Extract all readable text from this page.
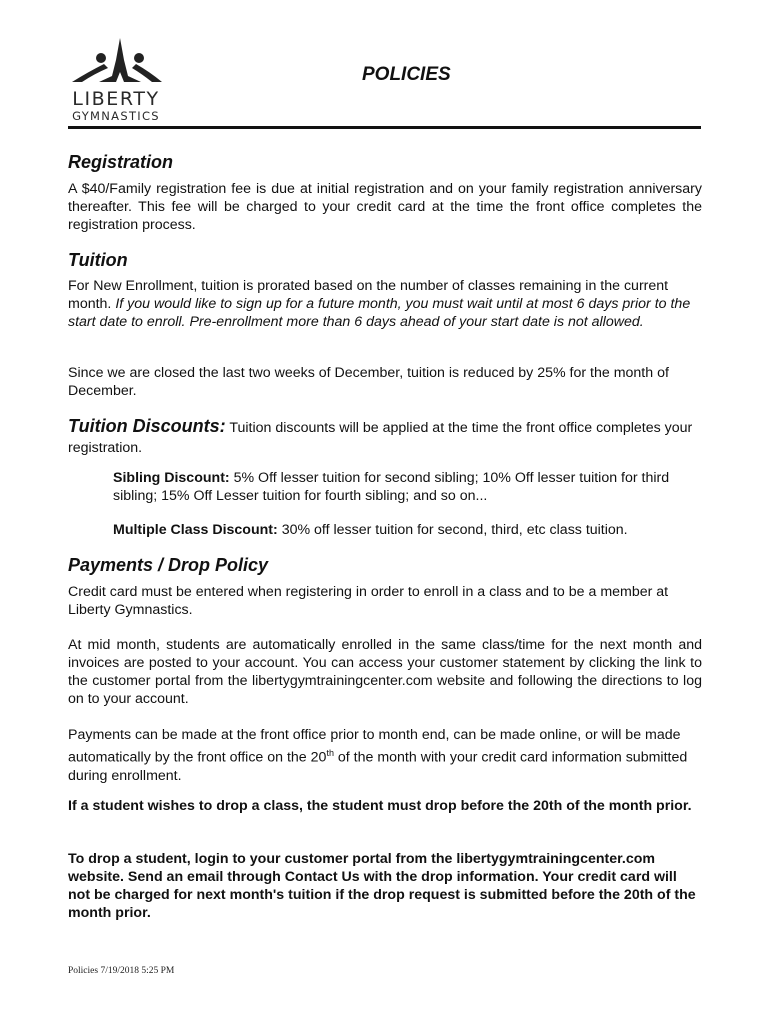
LIBERTY
GYMNASTICS
POLICIES
Registration

A $40/Family registration fee is due at initial registration and on your family registration anniversary thereafter. This fee will be charged to your credit card at the time the front office completes the registration process.

Tuition

For New Enrollment, tuition is prorated based on the number of classes remaining in the current month. If you would like to sign up for a future month, you must wait until at most 6 days prior to the start date to enroll. Pre-enrollment more than 6 days ahead of your start date is not allowed.

Since we are closed the last two weeks of December, tuition is reduced by 25% for the month of December.

Tuition Discounts: Tuition discounts will be applied at the time the front office completes your registration.

Sibling Discount: 5% Off lesser tuition for second sibling; 10% Off lesser tuition for third sibling; 15% Off Lesser tuition for fourth sibling; and so on...

Multiple Class Discount: 30% off lesser tuition for second, third, etc class tuition.

Payments / Drop Policy

Credit card must be entered when registering in order to enroll in a class and to be a member at Liberty Gymnastics.

At mid month, students are automatically enrolled in the same class/time for the next month and invoices are posted to your account. You can access your customer statement by clicking the link to the customer portal from the libertygymtrainingcenter.com website and following the directions to log on to your account.

Payments can be made at the front office prior to month end, can be made online, or will be made automatically by the front office on the 20th of the month with your credit card information submitted during enrollment.

If a student wishes to drop a class, the student must drop before the 20th of the month prior.

To drop a student, login to your customer portal from the libertygymtrainingcenter.com website. Send an email through Contact Us with the drop information. Your credit card will not be charged for next month's tuition if the drop request is submitted before the 20th of the month prior.

Policies 7/19/2018 5:25 PM
